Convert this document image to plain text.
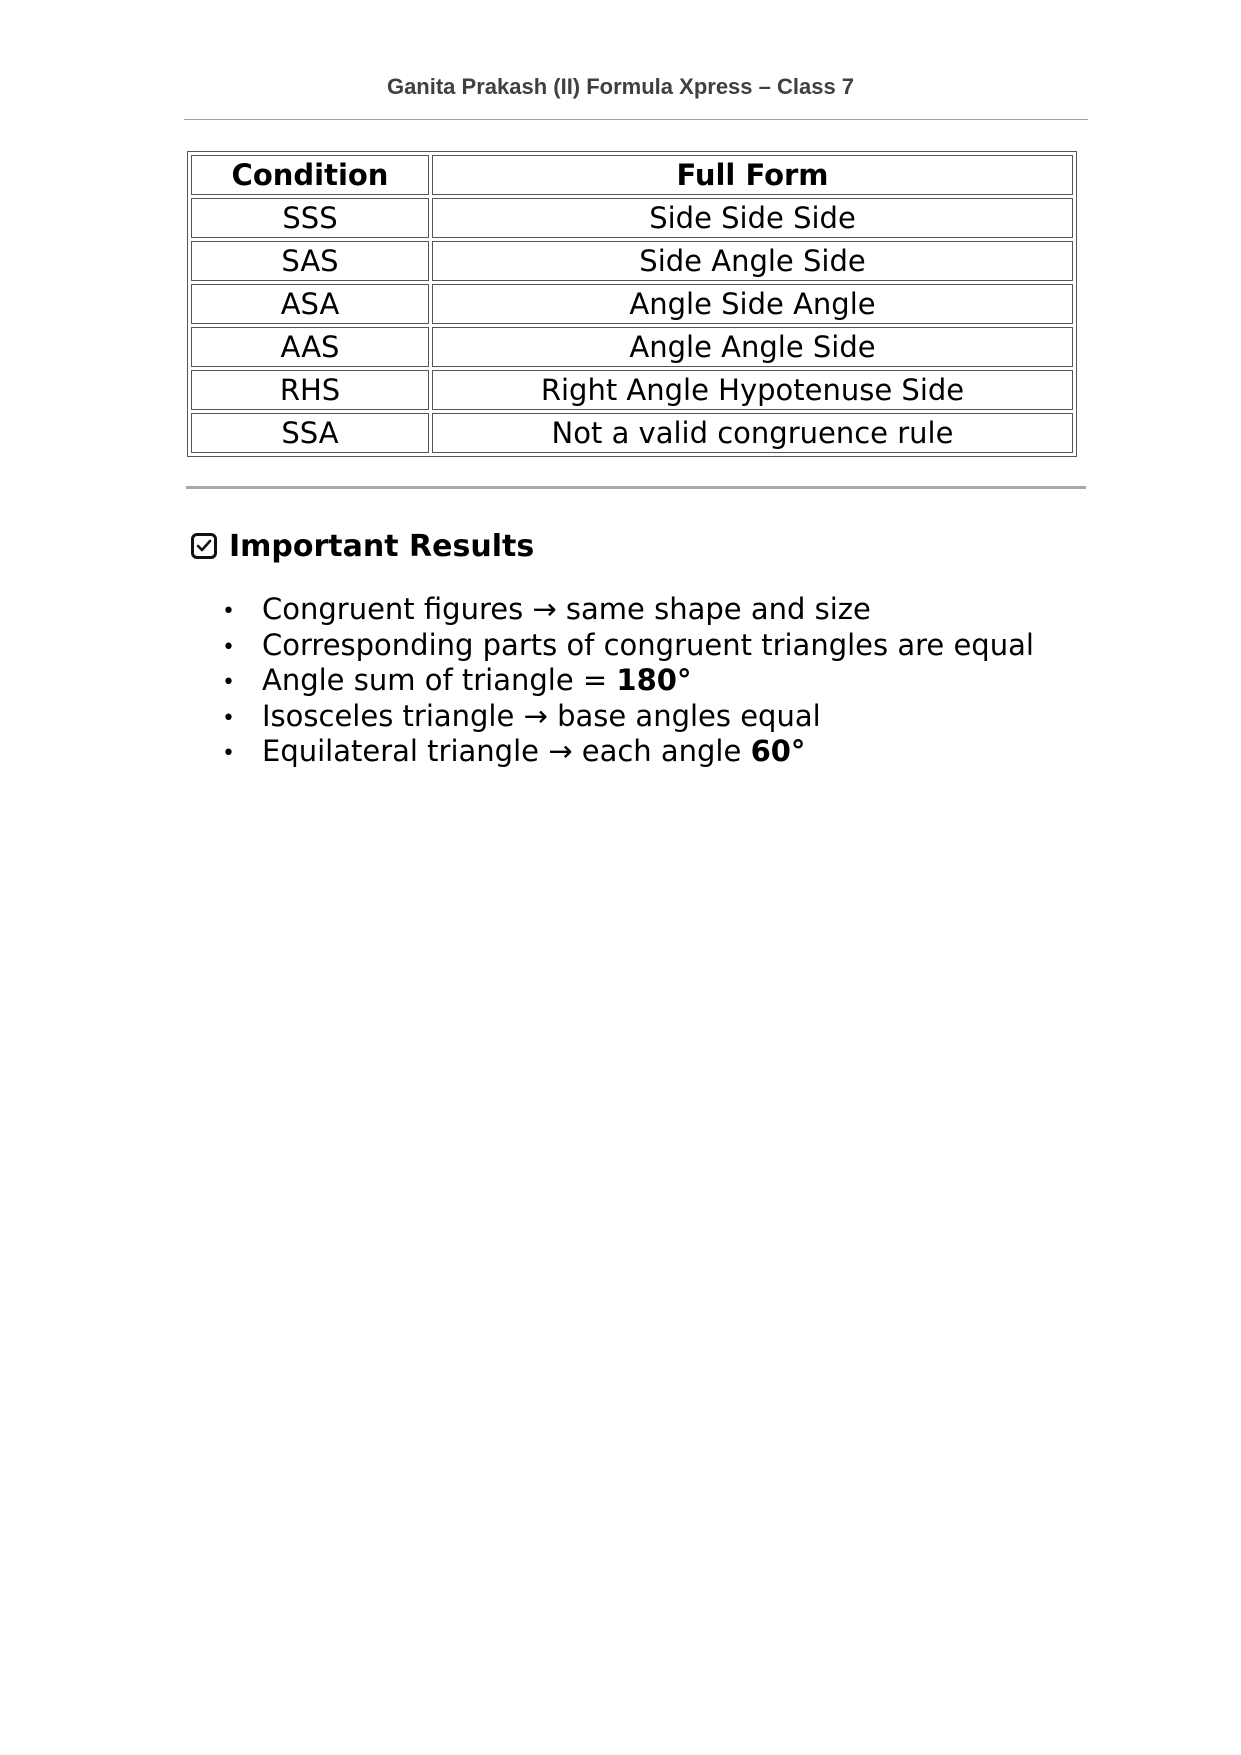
Ganita Prakash (II) Formula Xpress – Class 7
Condition	Full Form
SSS	Side Side Side
SAS	Side Angle Side
ASA	Angle Side Angle
AAS	Angle Angle Side
RHS	Right Angle Hypotenuse Side
SSA	Not a valid congruence rule
Important Results
• Congruent figures → same shape and size
• Corresponding parts of congruent triangles are equal
• Angle sum of triangle = 180°
• Isosceles triangle → base angles equal
• Equilateral triangle → each angle 60°
